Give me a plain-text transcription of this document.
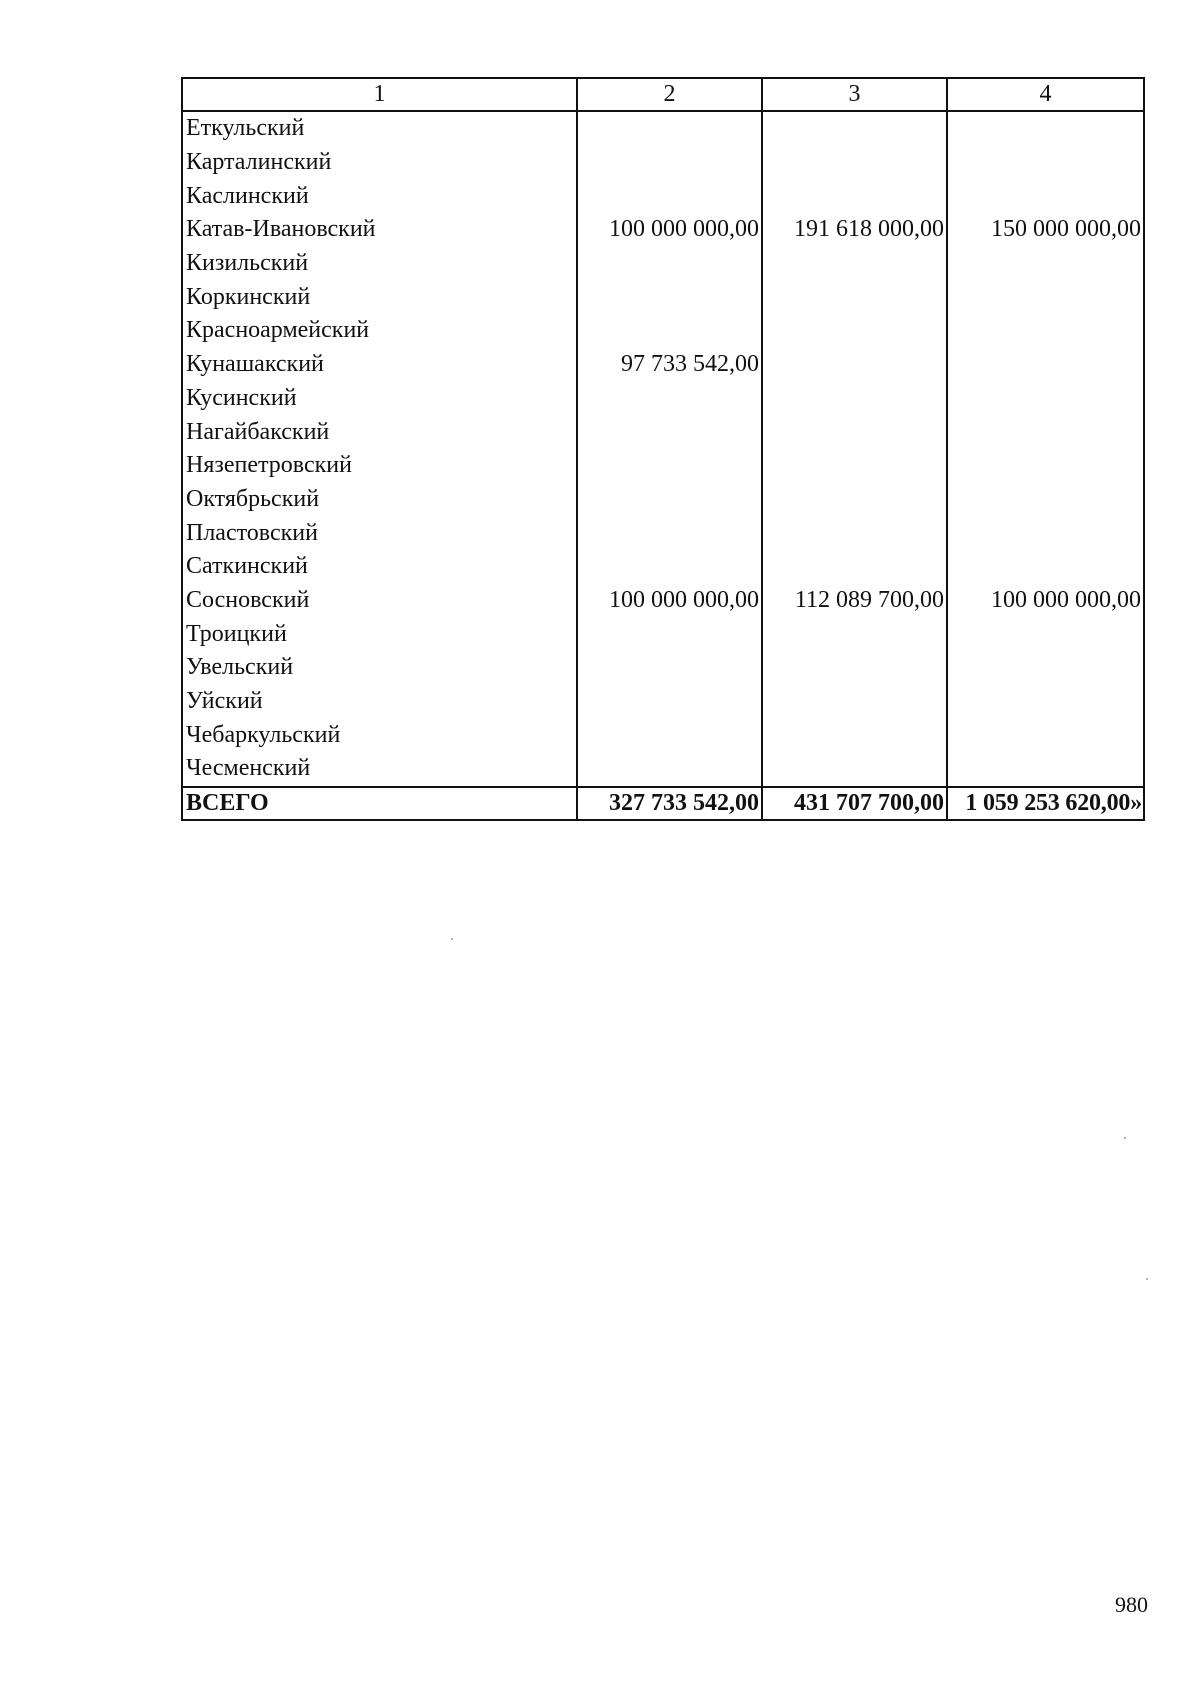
1	2	3	4
Еткульский			
Карталинский			
Каслинский			
Катав-Ивановский	100 000 000,00	191 618 000,00	150 000 000,00
Кизильский			
Коркинский			
Красноармейский			
Кунашакский	97 733 542,00		
Кусинский			
Нагайбакский			
Нязепетровский			
Октябрьский			
Пластовский			
Саткинский			
Сосновский	100 000 000,00	112 089 700,00	100 000 000,00
Троицкий			
Увельский			
Уйский			
Чебаркульский			
Чесменский			
ВСЕГО	327 733 542,00	431 707 700,00	1 059 253 620,00»
980
